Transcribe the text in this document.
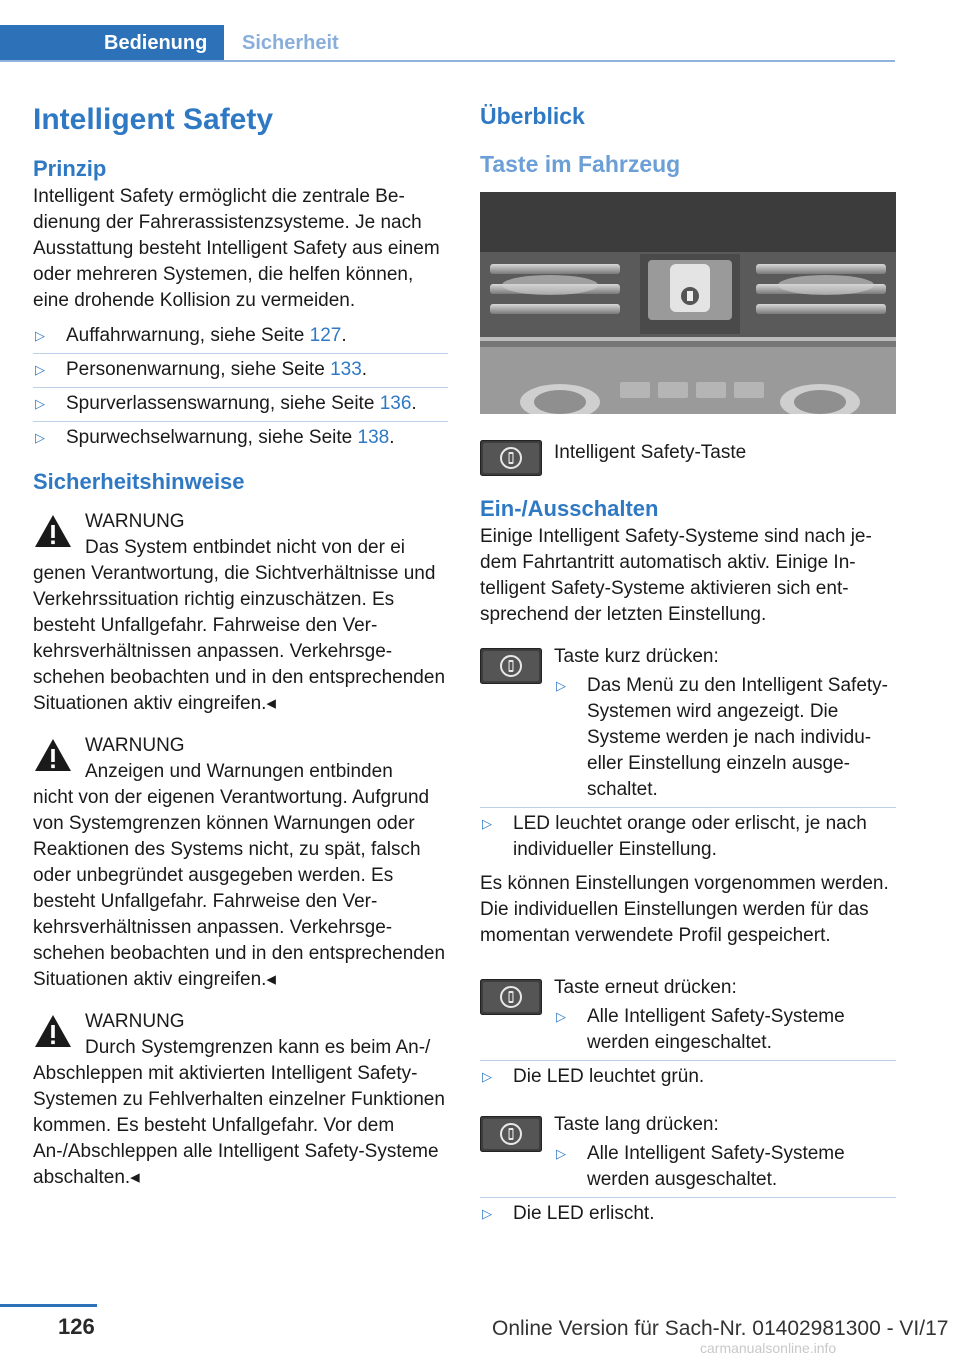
Bedienung	Sicherheit
Intelligent Safety
Prinzip

Intelligent Safety ermöglicht die zentrale Bedienung der Fahrerassistenzsysteme. Je nach Ausstattung besteht Intelligent Safety aus einem oder mehreren Systemen, die helfen können, eine drohende Kollision zu vermeiden.

▷ Auffahrwarnung, siehe Seite 127.
▷ Personenwarnung, siehe Seite 133.
▷ Spurverlassenswarnung, siehe Seite 136.
▷ Spurwechselwarnung, siehe Seite 138.
Sicherheitshinweise
WARNUNG
Das System entbindet nicht von der ei

genen Verantwortung, die Sichtverhältnisse und Verkehrssituation richtig einzuschätzen. Es besteht Unfallgefahr. Fahrweise den Verkehrsverhältnissen anpassen. Verkehrsgeschehen beobachten und in den entsprechenden Situationen aktiv eingreifen.◂

WARNUNG
Anzeigen und Warnungen entbinden

nicht von der eigenen Verantwortung. Aufgrund von Systemgrenzen können Warnungen oder Reaktionen des Systems nicht, zu spät, falsch oder unbegründet ausgegeben werden. Es besteht Unfallgefahr. Fahrweise den Verkehrsverhältnissen anpassen. Verkehrsgeschehen beobachten und in den entsprechenden Situationen aktiv eingreifen.◂

WARNUNG
Durch Systemgrenzen kann es beim An-/

Abschleppen mit aktivierten Intelligent Safety-Systemen zu Fehlverhalten einzelner Funktionen kommen. Es besteht Unfallgefahr. Vor dem An-/Abschleppen alle Intelligent Safety-Systeme abschalten.◂

Überblick
Taste im Fahrzeug
Intelligent Safety-Taste
Ein-/Ausschalten

Einige Intelligent Safety-Systeme sind nach jedem Fahrtantritt automatisch aktiv. Einige Intelligent Safety-Systeme aktivieren sich entsprechend der letzten Einstellung.

Taste kurz drücken:
▷ Das Menü zu den Intelligent Safety-Systemen wird angezeigt. Die Systeme werden je nach individueller Einstellung einzeln ausgeschaltet.
▷ LED leuchtet orange oder erlischt, je nach individueller Einstellung.

Es können Einstellungen vorgenommen werden. Die individuellen Einstellungen werden für das momentan verwendete Profil gespeichert.

Taste erneut drücken:
▷ Alle Intelligent Safety-Systeme werden eingeschaltet.
▷ Die LED leuchtet grün.
Taste lang drücken:
▷ Alle Intelligent Safety-Systeme werden ausgeschaltet.
▷ Die LED erlischt.
126	Online Version für Sach-Nr. 01402981300 - VI/17
carmanualsonline.info
